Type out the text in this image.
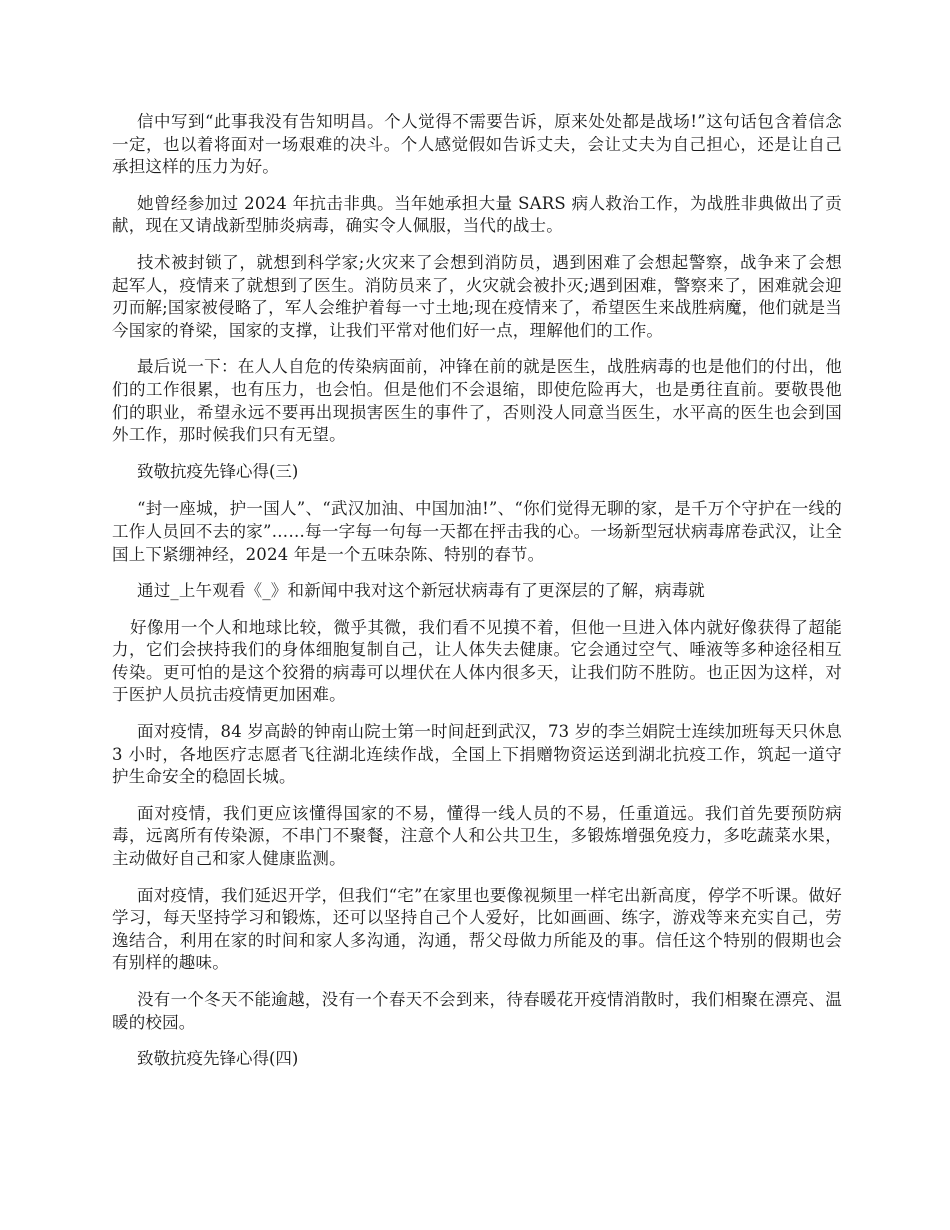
信中写到“此事我没有告知明昌。个人觉得不需要告诉，原来处处都是战场!”这句话包含着信念一定，也以着将面对一场艰难的决斗。个人感觉假如告诉丈夫，会让丈夫为自己担心，还是让自己承担这样的压力为好。

她曾经参加过 2024 年抗击非典。当年她承担大量 SARS 病人救治工作，为战胜非典做出了贡献，现在又请战新型肺炎病毒，确实令人佩服，当代的战士。

技术被封锁了，就想到科学家;火灾来了会想到消防员，遇到困难了会想起警察，战争来了会想起军人，疫情来了就想到了医生。消防员来了，火灾就会被扑灭;遇到困难，警察来了，困难就会迎刃而解;国家被侵略了，军人会维护着每一寸土地;现在疫情来了，希望医生来战胜病魔，他们就是当今国家的脊梁，国家的支撑，让我们平常对他们好一点，理解他们的工作。

最后说一下：在人人自危的传染病面前，冲锋在前的就是医生，战胜病毒的也是他们的付出，他们的工作很累，也有压力，也会怕。但是他们不会退缩，即使危险再大，也是勇往直前。要敬畏他们的职业，希望永远不要再出现损害医生的事件了，否则没人同意当医生，水平高的医生也会到国外工作，那时候我们只有无望。

致敬抗疫先锋心得(三)

“封一座城，护一国人”、“武汉加油、中国加油!”、“你们觉得无聊的家，是千万个守护在一线的工作人员回不去的家”……每一字每一句每一天都在抨击我的心。一场新型冠状病毒席卷武汉，让全国上下紧绷神经，2024 年是一个五味杂陈、特别的春节。

通过_上午观看《_》和新闻中我对这个新冠状病毒有了更深层的了解，病毒就

好像用一个人和地球比较，微乎其微，我们看不见摸不着，但他一旦进入体内就好像获得了超能力，它们会挟持我们的身体细胞复制自己，让人体失去健康。它会通过空气、唾液等多种途径相互传染。更可怕的是这个狡猾的病毒可以埋伏在人体内很多天，让我们防不胜防。也正因为这样，对于医护人员抗击疫情更加困难。

面对疫情，84 岁高龄的钟南山院士第一时间赶到武汉，73 岁的李兰娟院士连续加班每天只休息 3 小时，各地医疗志愿者飞往湖北连续作战，全国上下捐赠物资运送到湖北抗疫工作，筑起一道守护生命安全的稳固长城。

面对疫情，我们更应该懂得国家的不易，懂得一线人员的不易，任重道远。我们首先要预防病毒，远离所有传染源，不串门不聚餐，注意个人和公共卫生，多锻炼增强免疫力，多吃蔬菜水果，主动做好自己和家人健康监测。

面对疫情，我们延迟开学，但我们“宅”在家里也要像视频里一样宅出新高度，停学不听课。做好学习，每天坚持学习和锻炼，还可以坚持自己个人爱好，比如画画、练字，游戏等来充实自己，劳逸结合，利用在家的时间和家人多沟通，沟通，帮父母做力所能及的事。信任这个特别的假期也会有别样的趣味。

没有一个冬天不能逾越，没有一个春天不会到来，待春暖花开疫情消散时，我们相聚在漂亮、温暖的校园。

致敬抗疫先锋心得(四)
